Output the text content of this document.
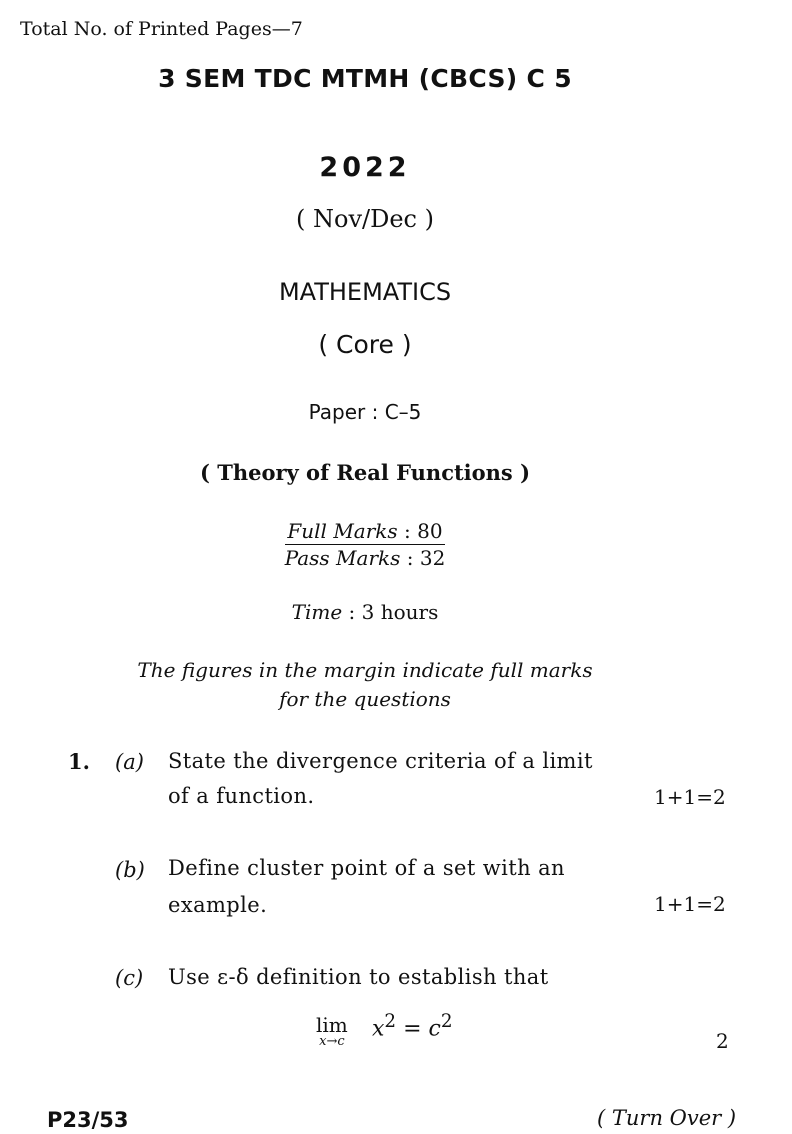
Total No. of Printed Pages—7
3 SEM TDC MTMH (CBCS) C 5
2022
( Nov/Dec )
MATHEMATICS
( Core )
Paper : C–5
( Theory of Real Functions )
$\frac{\text{Full Marks : 80}}{\text{Pass Marks : 32}}$
Time : 3 hours
The figures in the margin indicate full marks
for the questions
1. (a) State the divergence criteria of a limit
of a function.	1+1=2
(b) Define cluster point of a set with an
example.	1+1=2
(c) Use ε-δ definition to establish that
lim
x→c
$x^2 = c^2$
2
P23/53	( Turn Over )
